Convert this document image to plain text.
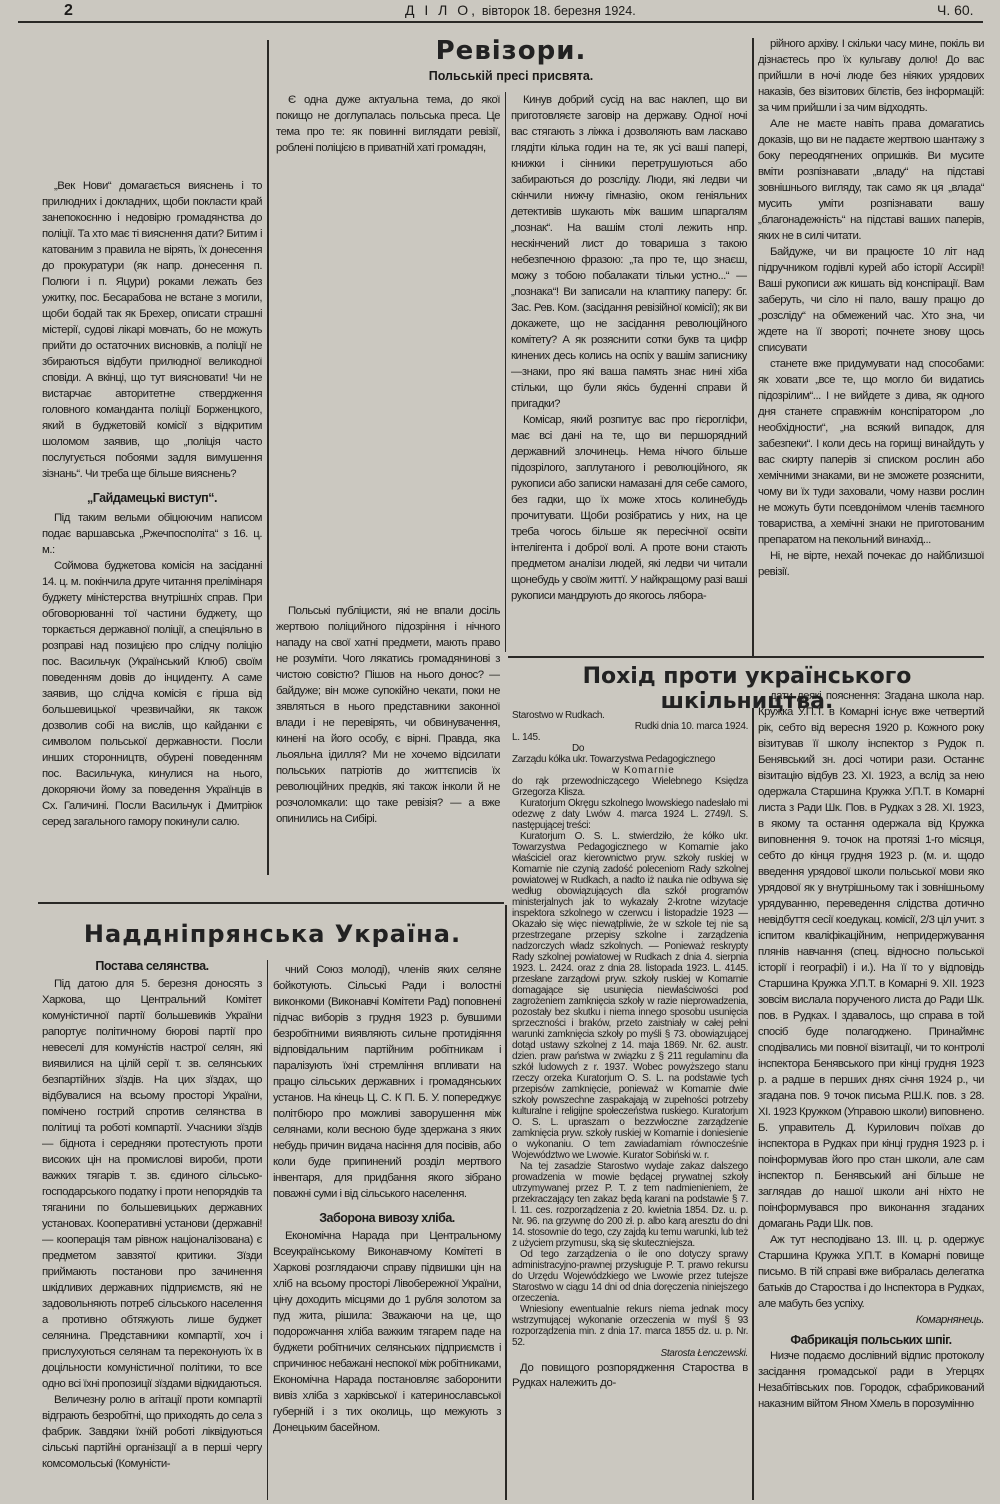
2	Д І Л О, вівторок 18. березня 1924.	Ч. 60.

„Век Нови“ домагається вияснень і то прилюдних і докладних, щоби покласти край занепокоєнню і недовірю громадянства до поліції. Та хто має ті вияснення дати? Битим і катованим з правила не вірять, їх донесення до прокуратури (як напр. донесення п. Полюги і п. Яцури) роками лежать без ужитку, пос. Бесарабова не встане з могили, щоби бодай так як Брехер, описати страшні містерії, судові лікарі мовчать, бо не можуть прийти до остаточних висновків, а поліції не збираються відбути прилюдної великодної сповіди. А вкінці, що тут виясновати! Чи не вистарчає авторитетне ствердження головного команданта поліції Борженцкого, який в буджетовій комісії з відкритим шоломом заявив, що „поліція часто послугується побоями задля вимушення зізнань“. Чи треба ще більше вияснень?

„Гайдамецькі виступ“.

Під таким вельми обіцюючим написом подає варшавська „Ржечпосполіта“ з 16. ц. м.:

Соймова буджетова комісія на засіданні 14. ц. м. покінчила друге читання прелімінаря буджету міністерства внутрішніх справ. При обговорюванні тої частини буджету, що торкається державної поліції, а спеціяльно в розправі над позицією про слідчу поліцію пос. Васильчук (Український Клюб) своїм поведенням довів до інциденту. А саме заявив, що слідча комісія є гірша від большевицької чрезвичайки, як також дозволив собі на вислів, що кайданки є символом польської державности. Посли инших сторонництв, обурені поведенням пос. Васильчука, кинулися на нього, докоряючи йому за поведення Українців в Сх. Галичині. Посли Васильчук і Дмитріюк серед загального гамору покинули салю.

Ревізори.
Польській пресі присвята.

Є одна дуже актуальна тема, до якої покищо не доглупалась польська преса. Це тема про те: як повинні виглядати ревізії, роблені поліцією в приватній хаті громадян,

Польські публіцисти, які не впали досіль жертвою поліцийного підозріння і нічного нападу на свої хатні предмети, мають право не розуміти. Чого лякатись громадянинові з чистою совістю? Пішов на нього донос? — байдуже; він може супокійно чекати, поки не зявляться в нього представники законної влади і не перевірять, чи обвинувачення, кинені на його особу, є вірні. Правда, яка льояльна ідилля? Ми не хочемо відсилати польських патріотів до життєписів їх революційних предків, які також інколи й не розчоломкали: що таке ревізія? — а вже опинились на Сибірі.

Кинув добрий сусід на вас наклеп, що ви приготовляєте заговір на державу. Одної ночі вас стягають з ліжка і дозволяють вам ласкаво глядіти кілька годин на те, як усі ваші папері, книжки і сінники перетрушуються або забираються до розсліду. Люди, які ледви чи скінчили нижчу гімназію, оком геніяльних детективів шукають між вашим шпаргалям „познак“. На вашім столі лежить нпр. нескінчений лист до товариша з такою небезпечною фразою: „та про те, що знаєш, можу з тобою побалакати тільки устно...“ —„познака“! Ви записали на клаптику паперу: бг. Зас. Рев. Ком. (засідання ревізійної комісії); як ви докажете, що не засідання революційного комітету? А як розяснити сотки букв та цифр кинених десь колись на оспіх у вашім записнику —знаки, про які ваша память знає нині хіба стільки, що були якісь буденні справи й пригадки?

Комісар, який розпитує вас про гієрогліфи, має всі дані на те, що ви першорядний державний злочинець. Нема нічого більше підозрілого, заплутаного і революційного, як рукописи або записки намазані для себе самого, без гадки, що їх може хтось колинебудь прочитувати. Щоби розібратись у них, на це треба чогось більше як пересічної освіти інтелігента і доброї волі. А проте вони стають предметом аналізи людей, які ледви чи читали щонебудь у своїм життї. У найкращому разі ваші рукописи мандрують до якогось лябора-

рійного архіву. І скільки часу мине, покіль ви дізнаєтесь про їх кульгаву долю! До вас прийшли в ночі люде без ніяких урядових наказів, без візитових білєтів, без інформацій: за чим прийшли і за чим відходять.

Але не маєте навіть права домагатись доказів, що ви не падаєте жертвою шантажу з боку переодягнених опришків. Ви мусите вміти розпізнавати „владу“ на підставі зовнішнього вигляду, так само як ця „влада“ мусить уміти розпізнавати вашу „благонадежність“ на підставі ваших паперів, яких не в силі читати.

Байдуже, чи ви працюєте 10 літ над підручником годівлі курей або історії Ассирії! Ваші рукописи аж кишать від конспірації. Вам заберуть, чи сіло ні пало, вашу працю до „розсліду“ на обмежений час. Хто зна, чи ждете на її звороті; почнете знову щось списувати

станете вже придумувати над способами: як ховати „все те, що могло би видатись підозрілим“... І не вийдете з дива, як одного дня станете справжнім конспіратором „по необхідности“, „на всякий випадок, для забезпеки“. І коли десь на горищі винайдуть у вас скирту паперів зі списком рослин або хемічними знаками, ви не зможете розяснити, чому ви їх туди заховали, чому назви рослин не можуть бути псевдонімом членів таємного товариства, а хемічні знаки не приготованим препаратом на пекольний винахід...

Ні, не вірте, нехай почекає до найблизшої ревізії.

Наддніпрянська Україна.
Постава селянства.

Під датою для 5. березня доносять з Харкова, що Центральний Комітет комуністичної партії большевиків України рапортує політичному бюрові партії про невеселі для комуністів настрої селян, які виявилися на цілій серії т. зв. селянських безпартійних зїздів. На цих зїздах, що відбувалися на всьому просторі України, помічено гострий спротив селянства в політиці та роботі компартії. Учасники зїздів — біднота і середняки протестують проти високих цін на промислові вироби, проти важких тягарів т. зв. єдиного сільсько-господарського податку і проти непорядків та тяганини по большевицьких державних установах. Кооперативні установи (державні! — кооперація там рівнож націоналізована) є предметом завзятої критики. Зїзди приймають постанови про зачинення шкідливих державних підприємств, які не задовольняють потреб сільського населення а противно обтяжують лише буджет селянина. Представники компартії, хоч і прислухуються селянам та переконують їх в доцільности комуністичної політики, то все одно всі їхні пропозиції зїздами відкидаються.

Величезну ролю в агітації проти компартії відграють безробітні, що приходять до села з фабрик. Завдяки їхній роботі ліквідуються сільські партійні організації а в перші чергу комсомольські (Комуністи-

чний Союз молоді), членів яких селяне бойкотують. Сільські Ради і волостні виконкоми (Виконавчі Комітети Рад) поповнені підчас виборів з грудня 1923 р. бувшими безробітними виявляють сильне протидіяння відповідальним партійним робітникам і паралізують їхні стремління впливати на працю сільських державних і громадянських установ. На кінець Ц. С. К П. Б. У. попереджує політбюро про можливі заворушення між селянами, коли весною буде здержана з яких небудь причин видача насіння для посівів, або коли буде припинений розділ мертвого інвентаря, для придбання якого зібрано поважні суми і від сільського населення.

Заборона вивозу хліба.

Економічна Нарада при Центральному Всеукраїнському Виконавчому Комітеті в Харкові розглядаючи справу підвишки цін на хліб на всьому просторі Лівобережної України, ціну доходить місцями до 1 рубля золотом за пуд жита, рішила: Зважаючи на це, що подорожчання хліба важким тягарем паде на буджети робітничих селянських підприємств і спричинює небажані неспокої між робітниками, Економічна Нарада постановляє заборонити вивіз хліба з харківської і катеринославської губерній і з тих околиць, що межують з Донецьким басейном.

Похід проти українського шкільництва.
Starostwo w Rudkach.
Rudki dnia 10. marca 1924.
L. 145.
Do
Zarządu kółka ukr. Towarzystwa Pedagogicznego
w Komarnie
do rąk przewodniczącego Wielebnego Księdza Grzegorza Klisza.

Kuratorjum Okręgu szkolnego lwowskiego nadesłało mi odezwę z daty Lwów 4. marca 1924 L. 2749/I. S. następującej treści:

Kuratorjum O. S. L. stwierdziło, że kółko ukr. Towarzystwa Pedagogicznego w Komarnie jako właściciel oraz kierownictwo pryw. szkoły ruskiej w Komarnie nie czynią zadość poleceniom Rady szkolnej powiatowej w Rudkach, a nadto iż nauka nie odbywa się według obowiązujących dla szkół programów ministerjalnych jak to wykazały 2-krotne wizytacje inspektora szkolnego w czerwcu i listopadzie 1923 — Okazało się więc niewątpliwie, że w szkole tej nie są przestrzegane przepisy szkolne i zarządzenia nadzorczych władz szkolnych. — Ponieważ reskrypty Rady szkolnej powiatowej w Rudkach z dnia 4. sierpnia 1923. L. 2424. oraz z dnia 28. listopada 1923. L. 4145. przesłane zarządowi pryw. szkoły ruskiej w Komarnie domagające się usunięcia niewłaściwości pod zagrożeniem zamknięcia szkoły w razie nieprowadzenia, pozostały bez skutku i niema innego sposobu usunięcia sprzeczności i braków, przeto zaistniały w całej pełni warunki zamknięcia szkoły po myśli § 73. obowiązującej dotąd ustawy szkolnej z 14. maja 1869. Nr. 62. austr. dzien. praw państwa w związku z § 211 regulaminu dla szkół ludowych z r. 1937. Wobec powyższego stanu rzeczy orzeka Kuratorjum O. S. L. na podstawie tych przepisów zamknięcie, ponieważ w Komarnie dwie szkoły powszechne zaspakajają w zupełności potrzeby kulturalne i religijne społeczeństwa ruskiego. Kuratorjum O. S. L. upraszam o bezzwłoczne zarządzenie zamknięcia pryw. szkoły ruskiej w Komarnie i doniesienie o wykonaniu. O tem zawiadamiam równocześnie Województwo we Lwowie. Kurator Sobiński w. r.

Na tej zasadzie Starostwo wydaje zakaz dalszego prowadzenia w mowie będącej prywatnej szkoły utrzymywanej przez P. T. z tem nadmienieniem, że przekraczający ten zakaz będą karani na podstawie § 7. l. 11. ces. rozporządzenia z 20. kwietnia 1854. Dz. u. p. Nr. 96. na grzywnę do 200 zł. p. albo karą aresztu do dni 14. stosownie do tego, czy zajdą ku temu warunki, lub też z użyciem przymusu, ską się skuteczniejsza.

Od tego zarządzenia o ile ono dotyczy sprawy administracyjno-prawnej przysługuje P. T. prawo rekursu do Urzędu Wojewódzkiego we Lwowie przez tutejsze Starostwo w ciągu 14 dni od dnia doręczenia niniejszego orzeczenia.

Wniesiony ewentualnie rekurs niema jednak mocy wstrzymującej wykonanie orzeczenia w myśl § 93 rozporządzenia min. z dnia 17. marca 1855 dz. u. p. Nr. 52.

Starosta Łenczewski.

До повищого розпорядження Староства в Рудках належить до-

дати деякі пояснення: Згадана школа нар. Кружка У.П.Т. в Комарні існує вже четвертий рік, себто від вересня 1920 р. Кожного року візитував її школу інспектор з Рудок п. Бенявський зн. досі чотири рази. Останнє візитацію відбув 23. XI. 1923, а вслід за нею одержала Старшина Кружка У.П.Т. в Комарні листа з Ради Шк. Пов. в Рудках з 28. XI. 1923, в якому та остання одержала від Кружка виповнення 9. точок на протязі 1-го місяця, себто до кінця грудня 1923 р. (м. и. щодо введення урядової школи польської мови яко урядової як у внутрішньому так і зовнішньому урядуванню, переведення слідства дотично невідбуття сесії коедукац. комісії, 2/3 ціл учит. з іспитом кваліфікаційним, непридержування плянів навчання (спец. відносно польської історії і географії) і и.). На її то у відповідь Старшина Кружка У.П.Т. в Комарні 9. XII. 1923 зовсім вислала порученого листа до Ради Шк. пов. в Рудках. І здавалось, що справа в той спосіб буде полагоджено. Принаймнє сподівались ми повної візитації, чи то контролі інспектора Бенявського при кінці грудня 1923 р. а радше в перших днях січня 1924 р., чи згадана пов. 9 точок письма Р.Ш.К. пов. з 28. XI. 1923 Кружком (Управою школи) виповнено. Б. управитель Д. Курилович поїхав до інспектора в Рудках при кінці грудня 1923 р. і поінформував його про стан школи, але сам інспектор п. Бенявський ані більше не заглядав до нашої школи ані ніхто не поінформувався про виконання згаданих домагань Ради Шк. пов.

Аж тут несподівано 13. III. ц. р. одержує Старшина Кружка У.П.Т. в Комарні повище письмо. В тій справі вже вибралась делегатка батьків до Староства і до Інспектора в Рудках, але мабуть без успіху.

Комарнянець.
Фабрикація польських шпіг.

Низче подаємо дослівний відпис протоколу засідання громадської ради в Угерцях Незабітівських пов. Городок, сфабрикований наказним війтом Яном Хмель в порозумінню
